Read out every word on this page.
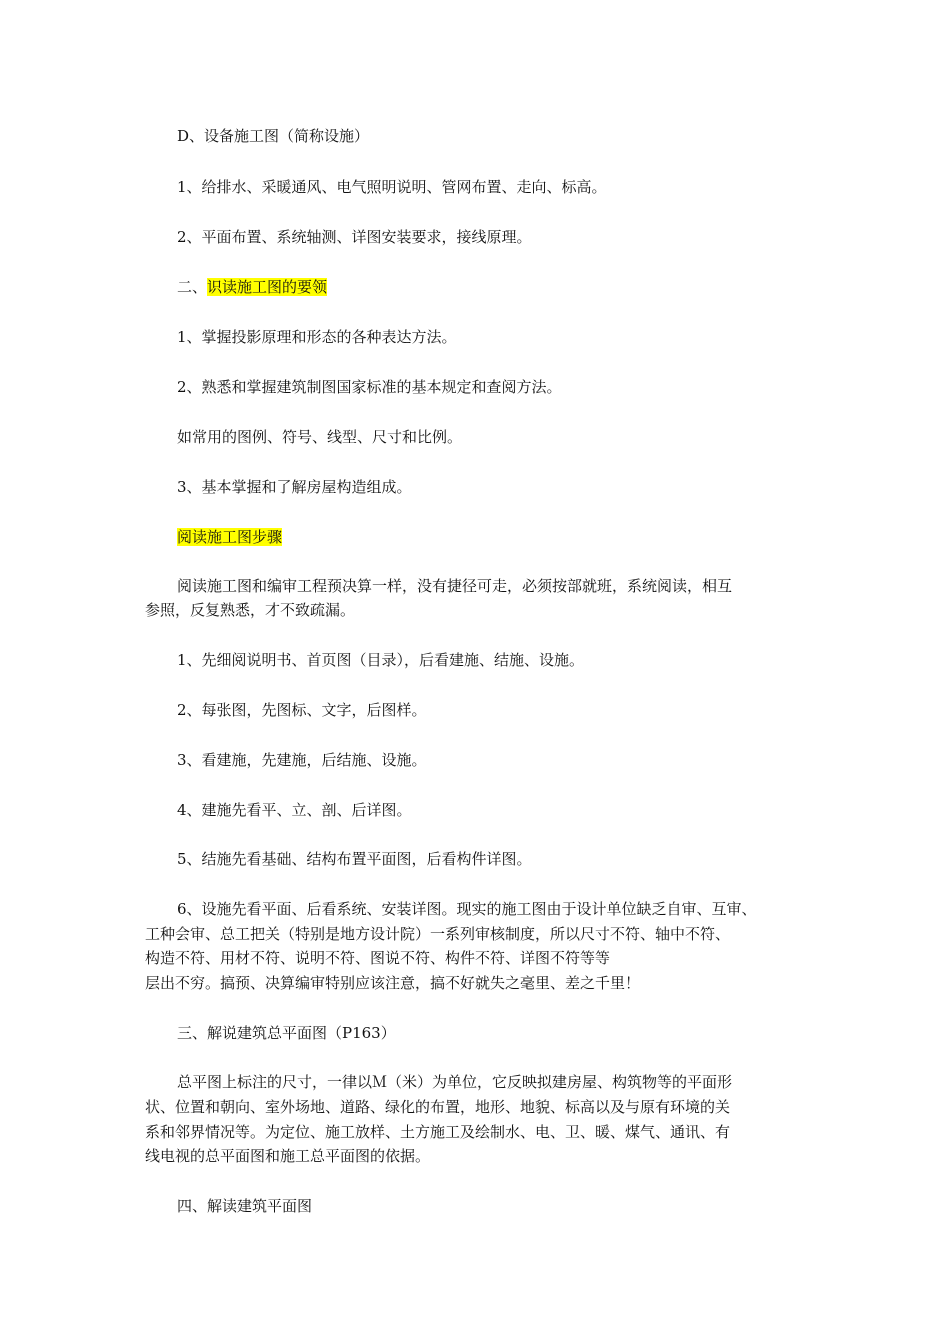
D、设备施工图（简称设施）

1、给排水、采暖通风、电气照明说明、管网布置、走向、标高。

2、平面布置、系统轴测、详图安装要求，接线原理。

二、识读施工图的要领

1、掌握投影原理和形态的各种表达方法。

2、熟悉和掌握建筑制图国家标准的基本规定和查阅方法。

如常用的图例、符号、线型、尺寸和比例。

3、基本掌握和了解房屋构造组成。

阅读施工图步骤

阅读施工图和编审工程预决算一样，没有捷径可走，必须按部就班，系统阅读，相互

参照，反复熟悉，才不致疏漏。

1、先细阅说明书、首页图（目录），后看建施、结施、设施。

2、每张图，先图标、文字，后图样。

3、看建施，先建施，后结施、设施。

4、建施先看平、立、剖、后详图。

5、结施先看基础、结构布置平面图，后看构件详图。

6、设施先看平面、后看系统、安装详图。现实的施工图由于设计单位缺乏自审、互审、

工种会审、总工把关（特别是地方设计院）一系列审核制度，所以尺寸不符、轴中不符、

构造不符、用材不符、说明不符、图说不符、构件不符、详图不符等等

层出不穷。搞预、决算编审特别应该注意，搞不好就失之毫里、差之千里！

三、解说建筑总平面图（P163）

总平图上标注的尺寸，一律以Ｍ（米）为单位，它反映拟建房屋、构筑物等的平面形

状、位置和朝向、室外场地、道路、绿化的布置，地形、地貌、标高以及与原有环境的关

系和邻界情况等。为定位、施工放样、土方施工及绘制水、电、卫、暖、煤气、通讯、有

线电视的总平面图和施工总平面图的依据。

四、解读建筑平面图
